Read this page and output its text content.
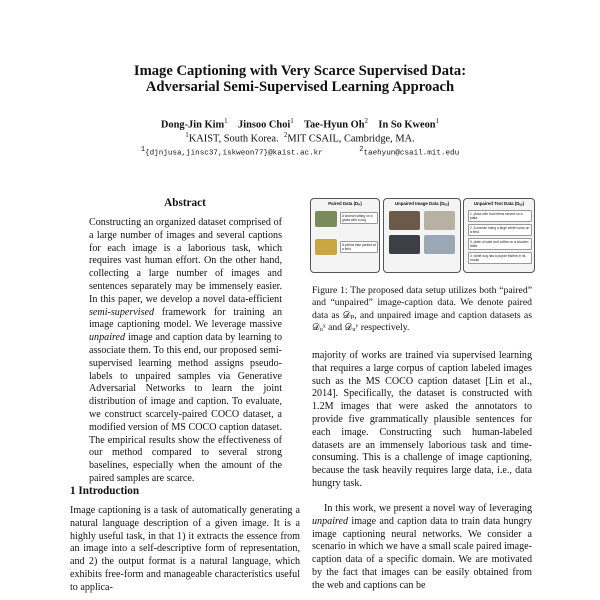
Image Captioning with Very Scarce Supervised Data:
Adversarial Semi-Supervised Learning Approach
Dong-Jin Kim$^1$ Jinsoo Choi$^1$ Tae-Hyun Oh$^2$ In So Kweon$^1$
$^1$KAIST, South Korea. $^2$MIT CSAIL, Cambridge, MA.
$^1${djnjusa,jinsc37,iskweon77}@kaist.ac.kr	$^2$taehyun@csail.mit.edu
Abstract
Constructing an organized dataset comprised of a large number of images and several captions for each image is a laborious task, which requires vast human effort. On the other hand, collecting a large number of images and sentences separately may be immensely easier. In this paper, we develop a novel data-efficient semi-supervised framework for training an image captioning model. We leverage massive unpaired image and caption data by learning to associate them. To this end, our proposed semi-supervised learning method assigns pseudo-labels to unpaired samples via Generative Adversarial Networks to learn the joint distribution of image and caption. To evaluate, we construct scarcely-paired COCO dataset, a modified version of MS COCO caption dataset. The empirical results show the effectiveness of our method compared to several strong baselines, especially when the amount of the paired samples are scarce.
1 Introduction
Image captioning is a task of automatically generating a natural language description of a given image. It is a highly useful task, in that 1) it extracts the essence from an image into a self-descriptive form of representation, and 2) the output format is a natural language, which exhibits free-form and manageable characteristics useful to applica-
Paired Data (Dₚ)
A woman sitting on a grass with a dog
A yellow bike parked at a field
Unpaired Image Data (Dᵤₓ)	Unpaired Text Data (Dᵤᵧ)
1. pizza with food items served on a plate.
2. A woman riding a large white horse on a field.
3. plate of cake and coffee on a wooden table.
4. white dog has a purple frisbee in its mouth
Figure 1: The proposed data setup utilizes both “paired” and “unpaired” image-caption data. We denote paired data as 𝒟ₚ, and unpaired image and caption datasets as 𝒟ᵤˣ and 𝒟ᵤʸ respectively.
majority of works are trained via supervised learning that requires a large corpus of caption labeled images such as the MS COCO caption dataset [Lin et al., 2014]. Specifically, the dataset is constructed with 1.2M images that were asked the annotators to provide five grammatically plausible sentences for each image. Constructing such human-labeled datasets are an immensely laborious task and time-consuming. This is a challenge of image captioning, because the task heavily requires large data, i.e., data hungry task.
In this work, we present a novel way of leveraging unpaired image and caption data to train data hungry image captioning neural networks. We consider a scenario in which we have a small scale paired image-caption data of a specific domain. We are motivated by the fact that images can be easily obtained from the web and captions can be
